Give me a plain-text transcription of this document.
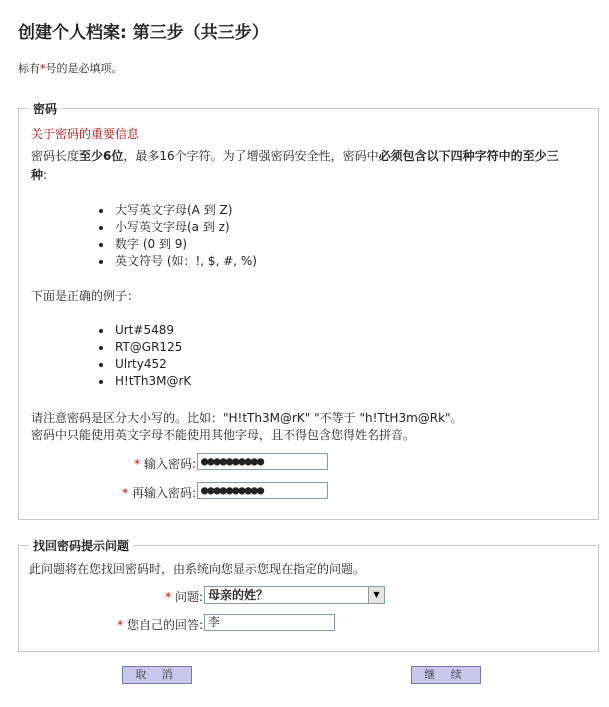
创建个人档案: 第三步（共三步）
标有*号的是必填项。
密码
关于密码的重要信息
密码长度至少6位，最多16个字符。为了增强密码安全性，密码中必须包含以下四种字符中的至少三
种:
• 大写英文字母(A 到 Z)
• 小写英文字母(a 到 z)
• 数字 (0 到 9)
• 英文符号 (如：!, $, #, %)
下面是正确的例子：
• Urt#5489
• RT@GR125
• Ulrty452
• H!tTh3M@rK
请注意密码是区分大小写的。比如："H!tTh3M@rK" "不等于 "h!TtH3m@Rk"。
密码中只能使用英文字母不能使用其他字母，且不得包含您得姓名拼音。
* 输入密码: ●●●●●●●●●●
* 再输入密码: ●●●●●●●●●●
找回密码提示问题
此问题将在您找回密码时，由系统向您显示您现在指定的问题。
* 问题: 母亲的姓？	▼
* 您自己的回答: 李
取 消	继 续
